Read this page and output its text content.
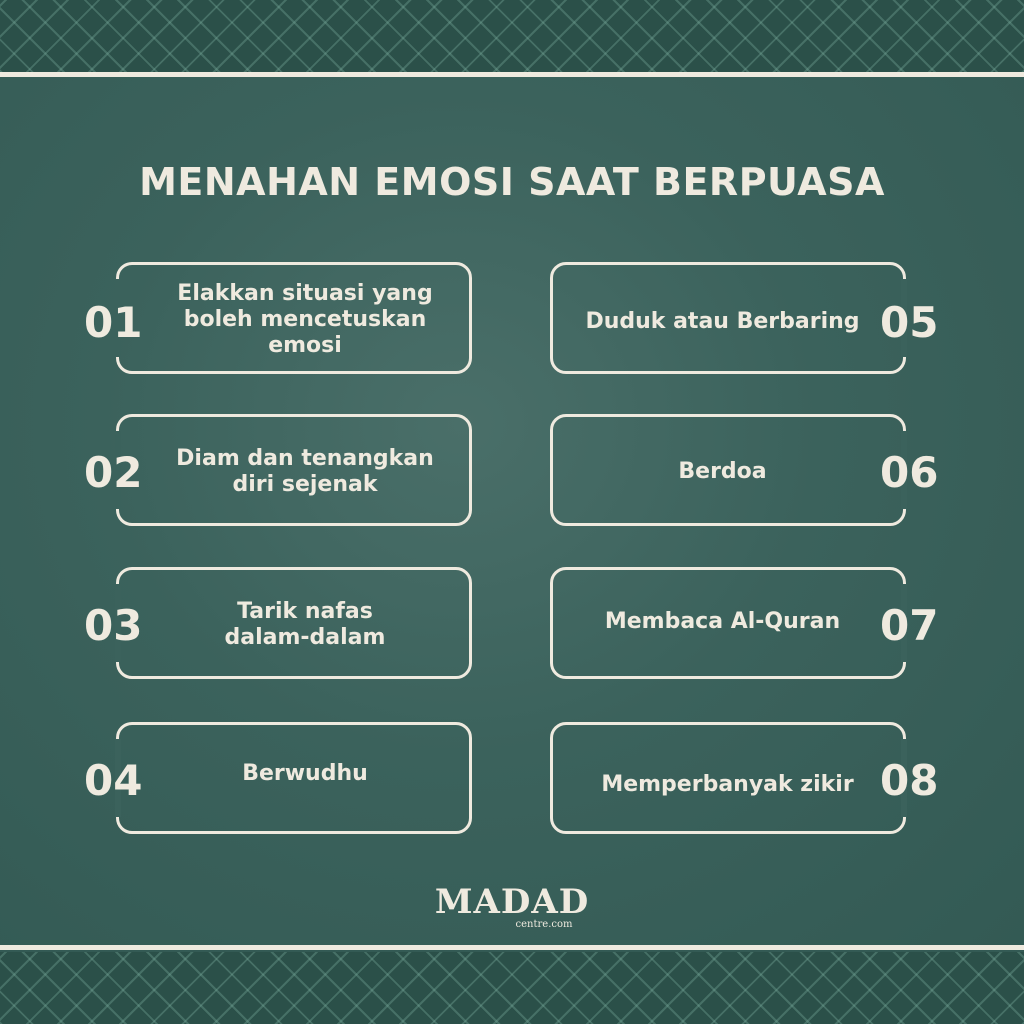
MENAHAN EMOSI SAAT BERPUASA
01
Elakkan situasi yang boleh mencetuskan emosi
02	Diam dan tenangkan diri sejenak
03	Tarik nafas dalam-dalam
04	Berwudhu
05
Duduk atau Berbaring
06
Berdoa
07
Membaca Al-Quran
08
Memperbanyak zikir
MADAD
centre.com
